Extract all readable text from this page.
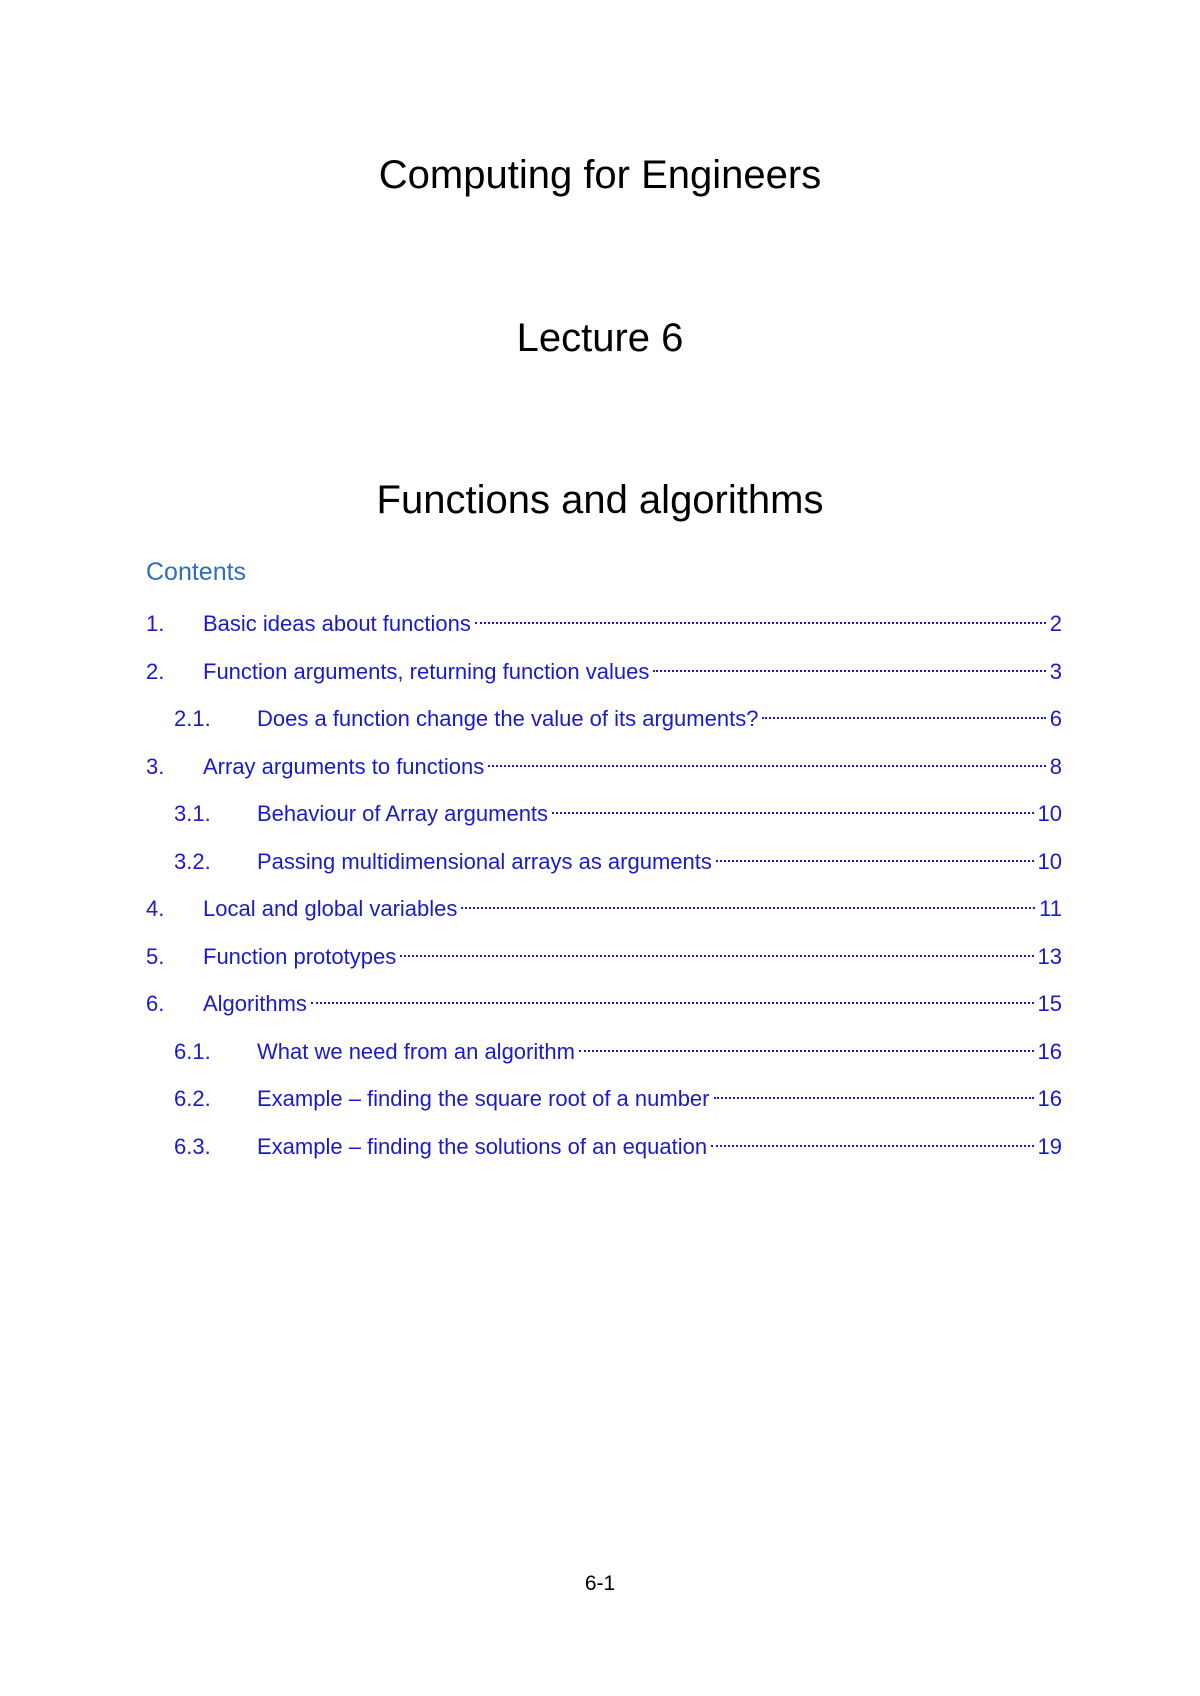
Computing for Engineers
Lecture 6
Functions and algorithms
Contents
1.	Basic ideas about functions	2
2.	Function arguments, returning function values	3
2.1.	Does a function change the value of its arguments?	6
3.	Array arguments to functions	8
3.1.	Behaviour of Array arguments	10
3.2.	Passing multidimensional arrays as arguments	10
4.	Local and global variables	11
5.	Function prototypes	13
6.	Algorithms	15
6.1.	What we need from an algorithm	16
6.2.	Example – finding the square root of a number	16
6.3.	Example – finding the solutions of an equation	19
6-1
